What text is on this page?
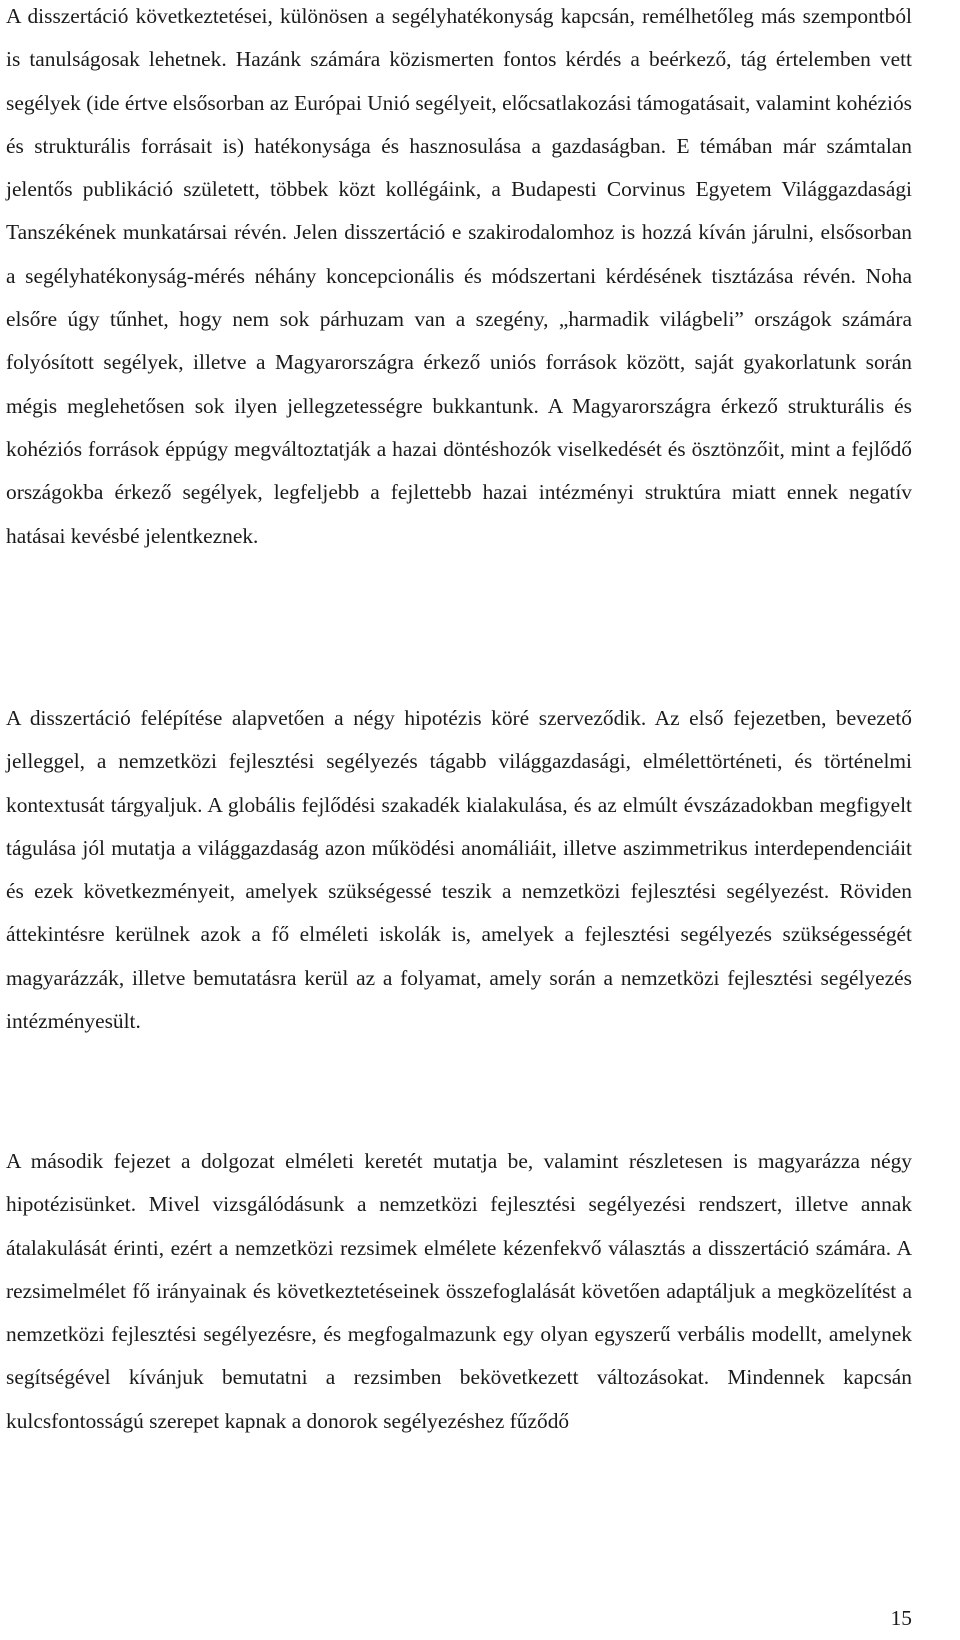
A disszertáció következtetései, különösen a segélyhatékonyság kapcsán, remélhetőleg más szempontból is tanulságosak lehetnek. Hazánk számára közismerten fontos kérdés a beérkező, tág értelemben vett segélyek (ide értve elsősorban az Európai Unió segélyeit, előcsatlakozási támogatásait, valamint kohéziós és strukturális forrásait is) hatékonysága és hasznosulása a gazdaságban. E témában már számtalan jelentős publikáció született, többek közt kollégáink, a Budapesti Corvinus Egyetem Világgazdasági Tanszékének munkatársai révén. Jelen disszertáció e szakirodalomhoz is hozzá kíván járulni, elsősorban a segélyhatékonyság-mérés néhány koncepcionális és módszertani kérdésének tisztázása révén. Noha elsőre úgy tűnhet, hogy nem sok párhuzam van a szegény, „harmadik világbeli” országok számára folyósított segélyek, illetve a Magyarországra érkező uniós források között, saját gyakorlatunk során mégis meglehetősen sok ilyen jellegzetességre bukkantunk. A Magyarországra érkező strukturális és kohéziós források éppúgy megváltoztatják a hazai döntéshozók viselkedését és ösztönzőit, mint a fejlődő országokba érkező segélyek, legfeljebb a fejlettebb hazai intézményi struktúra miatt ennek negatív hatásai kevésbé jelentkeznek.

A disszertáció felépítése alapvetően a négy hipotézis köré szerveződik. Az első fejezetben, bevezető jelleggel, a nemzetközi fejlesztési segélyezés tágabb világgazdasági, elmélettörténeti, és történelmi kontextusát tárgyaljuk. A globális fejlődési szakadék kialakulása, és az elmúlt évszázadokban megfigyelt tágulása jól mutatja a világgazdaság azon működési anomáliáit, illetve aszimmetrikus interdependenciáit és ezek következményeit, amelyek szükségessé teszik a nemzetközi fejlesztési segélyezést. Röviden áttekintésre kerülnek azok a fő elméleti iskolák is, amelyek a fejlesztési segélyezés szükségességét magyarázzák, illetve bemutatásra kerül az a folyamat, amely során a nemzetközi fejlesztési segélyezés intézményesült.

A második fejezet a dolgozat elméleti keretét mutatja be, valamint részletesen is magyarázza négy hipotézisünket. Mivel vizsgálódásunk a nemzetközi fejlesztési segélyezési rendszert, illetve annak átalakulását érinti, ezért a nemzetközi rezsimek elmélete kézenfekvő választás a disszertáció számára. A rezsimelmélet fő irányainak és következtetéseinek összefoglalását követően adaptáljuk a megközelítést a nemzetközi fejlesztési segélyezésre, és megfogalmazunk egy olyan egyszerű verbális modellt, amelynek segítségével kívánjuk bemutatni a rezsimben bekövetkezett változásokat. Mindennek kapcsán kulcsfontosságú szerepet kapnak a donorok segélyezéshez fűződő

15
